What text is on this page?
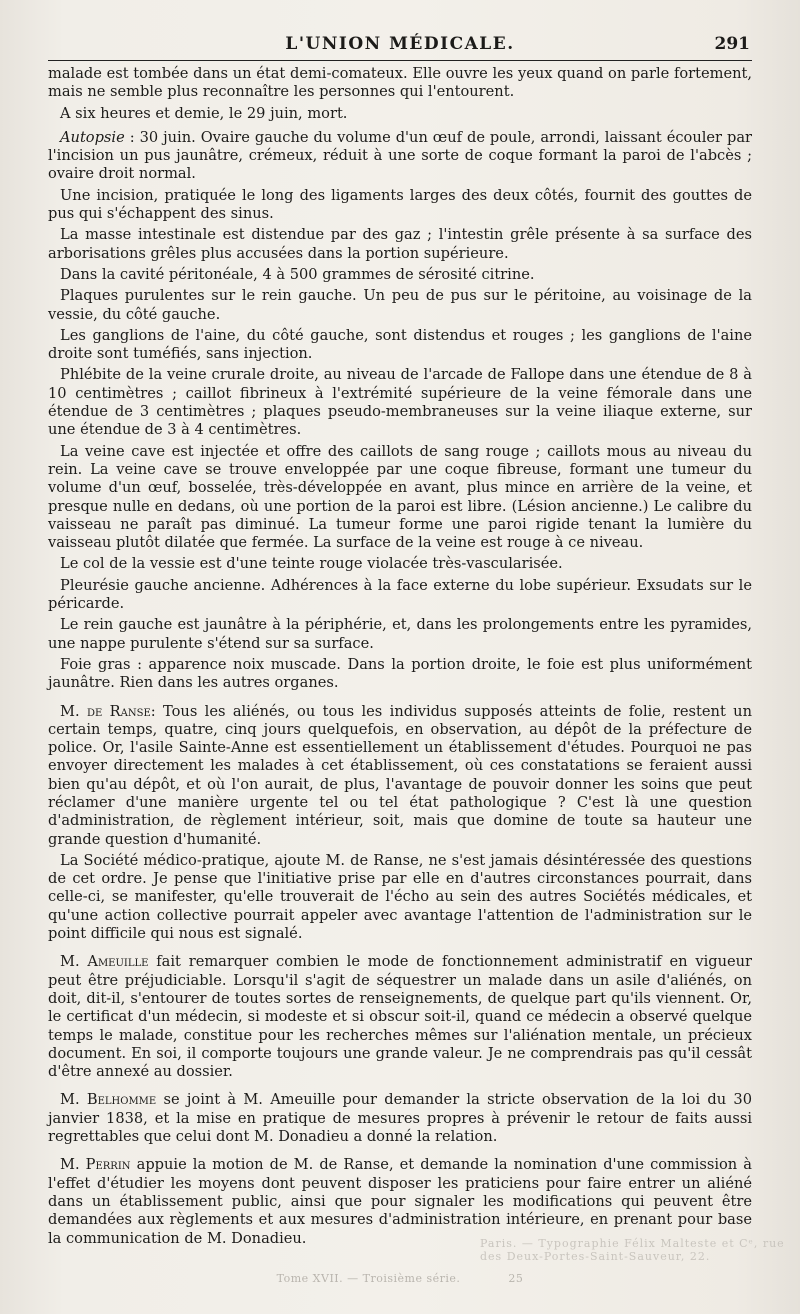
L'UNION MÉDICALE.	291

malade est tombée dans un état demi-comateux. Elle ouvre les yeux quand on parle fortement, mais ne semble plus reconnaître les personnes qui l'entourent.

A six heures et demie, le 29 juin, mort.

Autopsie : 30 juin. Ovaire gauche du volume d'un œuf de poule, arrondi, laissant écouler par l'incision un pus jaunâtre, crémeux, réduit à une sorte de coque formant la paroi de l'abcès ; ovaire droit normal.

Une incision, pratiquée le long des ligaments larges des deux côtés, fournit des gouttes de pus qui s'échappent des sinus.

La masse intestinale est distendue par des gaz ; l'intestin grêle présente à sa surface des arborisations grêles plus accusées dans la portion supérieure.

Dans la cavité péritonéale, 4 à 500 grammes de sérosité citrine.

Plaques purulentes sur le rein gauche. Un peu de pus sur le péritoine, au voisinage de la vessie, du côté gauche.

Les ganglions de l'aine, du côté gauche, sont distendus et rouges ; les ganglions de l'aine droite sont tuméfiés, sans injection.

Phlébite de la veine crurale droite, au niveau de l'arcade de Fallope dans une étendue de 8 à 10 centimètres ; caillot fibrineux à l'extrémité supérieure de la veine fémorale dans une étendue de 3 centimètres ; plaques pseudo-membraneuses sur la veine iliaque externe, sur une étendue de 3 à 4 centimètres.

La veine cave est injectée et offre des caillots de sang rouge ; caillots mous au niveau du rein. La veine cave se trouve enveloppée par une coque fibreuse, formant une tumeur du volume d'un œuf, bosselée, très-développée en avant, plus mince en arrière de la veine, et presque nulle en dedans, où une portion de la paroi est libre. (Lésion ancienne.) Le calibre du vaisseau ne paraît pas diminué. La tumeur forme une paroi rigide tenant la lumière du vaisseau plutôt dilatée que fermée. La surface de la veine est rouge à ce niveau.

Le col de la vessie est d'une teinte rouge violacée très-vascularisée.

Pleurésie gauche ancienne. Adhérences à la face externe du lobe supérieur. Exsudats sur le péricarde.

Le rein gauche est jaunâtre à la périphérie, et, dans les prolongements entre les pyramides, une nappe purulente s'étend sur sa surface.

Foie gras : apparence noix muscade. Dans la portion droite, le foie est plus uniformément jaunâtre. Rien dans les autres organes.

M. de Ranse: Tous les aliénés, ou tous les individus supposés atteints de folie, restent un certain temps, quatre, cinq jours quelquefois, en observation, au dépôt de la préfecture de police. Or, l'asile Sainte-Anne est essentiellement un établissement d'études. Pourquoi ne pas envoyer directement les malades à cet établissement, où ces constatations se feraient aussi bien qu'au dépôt, et où l'on aurait, de plus, l'avantage de pouvoir donner les soins que peut réclamer d'une manière urgente tel ou tel état pathologique ? C'est là une question d'administration, de règlement intérieur, soit, mais que domine de toute sa hauteur une grande question d'humanité.

La Société médico-pratique, ajoute M. de Ranse, ne s'est jamais désintéressée des questions de cet ordre. Je pense que l'initiative prise par elle en d'autres circonstances pourrait, dans celle-ci, se manifester, qu'elle trouverait de l'écho au sein des autres Sociétés médicales, et qu'une action collective pourrait appeler avec avantage l'attention de l'administration sur le point difficile qui nous est signalé.

M. Ameuille fait remarquer combien le mode de fonctionnement administratif en vigueur peut être préjudiciable. Lorsqu'il s'agit de séquestrer un malade dans un asile d'aliénés, on doit, dit-il, s'entourer de toutes sortes de renseignements, de quelque part qu'ils viennent. Or, le certificat d'un médecin, si modeste et si obscur soit-il, quand ce médecin a observé quelque temps le malade, constitue pour les recherches mêmes sur l'aliénation mentale, un précieux document. En soi, il comporte toujours une grande valeur. Je ne comprendrais pas qu'il cessât d'être annexé au dossier.

M. Belhomme se joint à M. Ameuille pour demander la stricte observation de la loi du 30 janvier 1838, et la mise en pratique de mesures propres à prévenir le retour de faits aussi regrettables que celui dont M. Donadieu a donné la relation.

M. Perrin appuie la motion de M. de Ranse, et demande la nomination d'une commission à l'effet d'étudier les moyens dont peuvent disposer les praticiens pour faire entrer un aliéné dans un établissement public, ainsi que pour signaler les modifications qui peuvent être demandées aux règlements et aux mesures d'administration intérieure, en prenant pour base la communication de M. Donadieu.	Paris. — Typographie Félix Malteste et Cᵉ, rue des Deux-Portes-Saint-Sauveur, 22.
Tome XVII. — Troisième série.	25
